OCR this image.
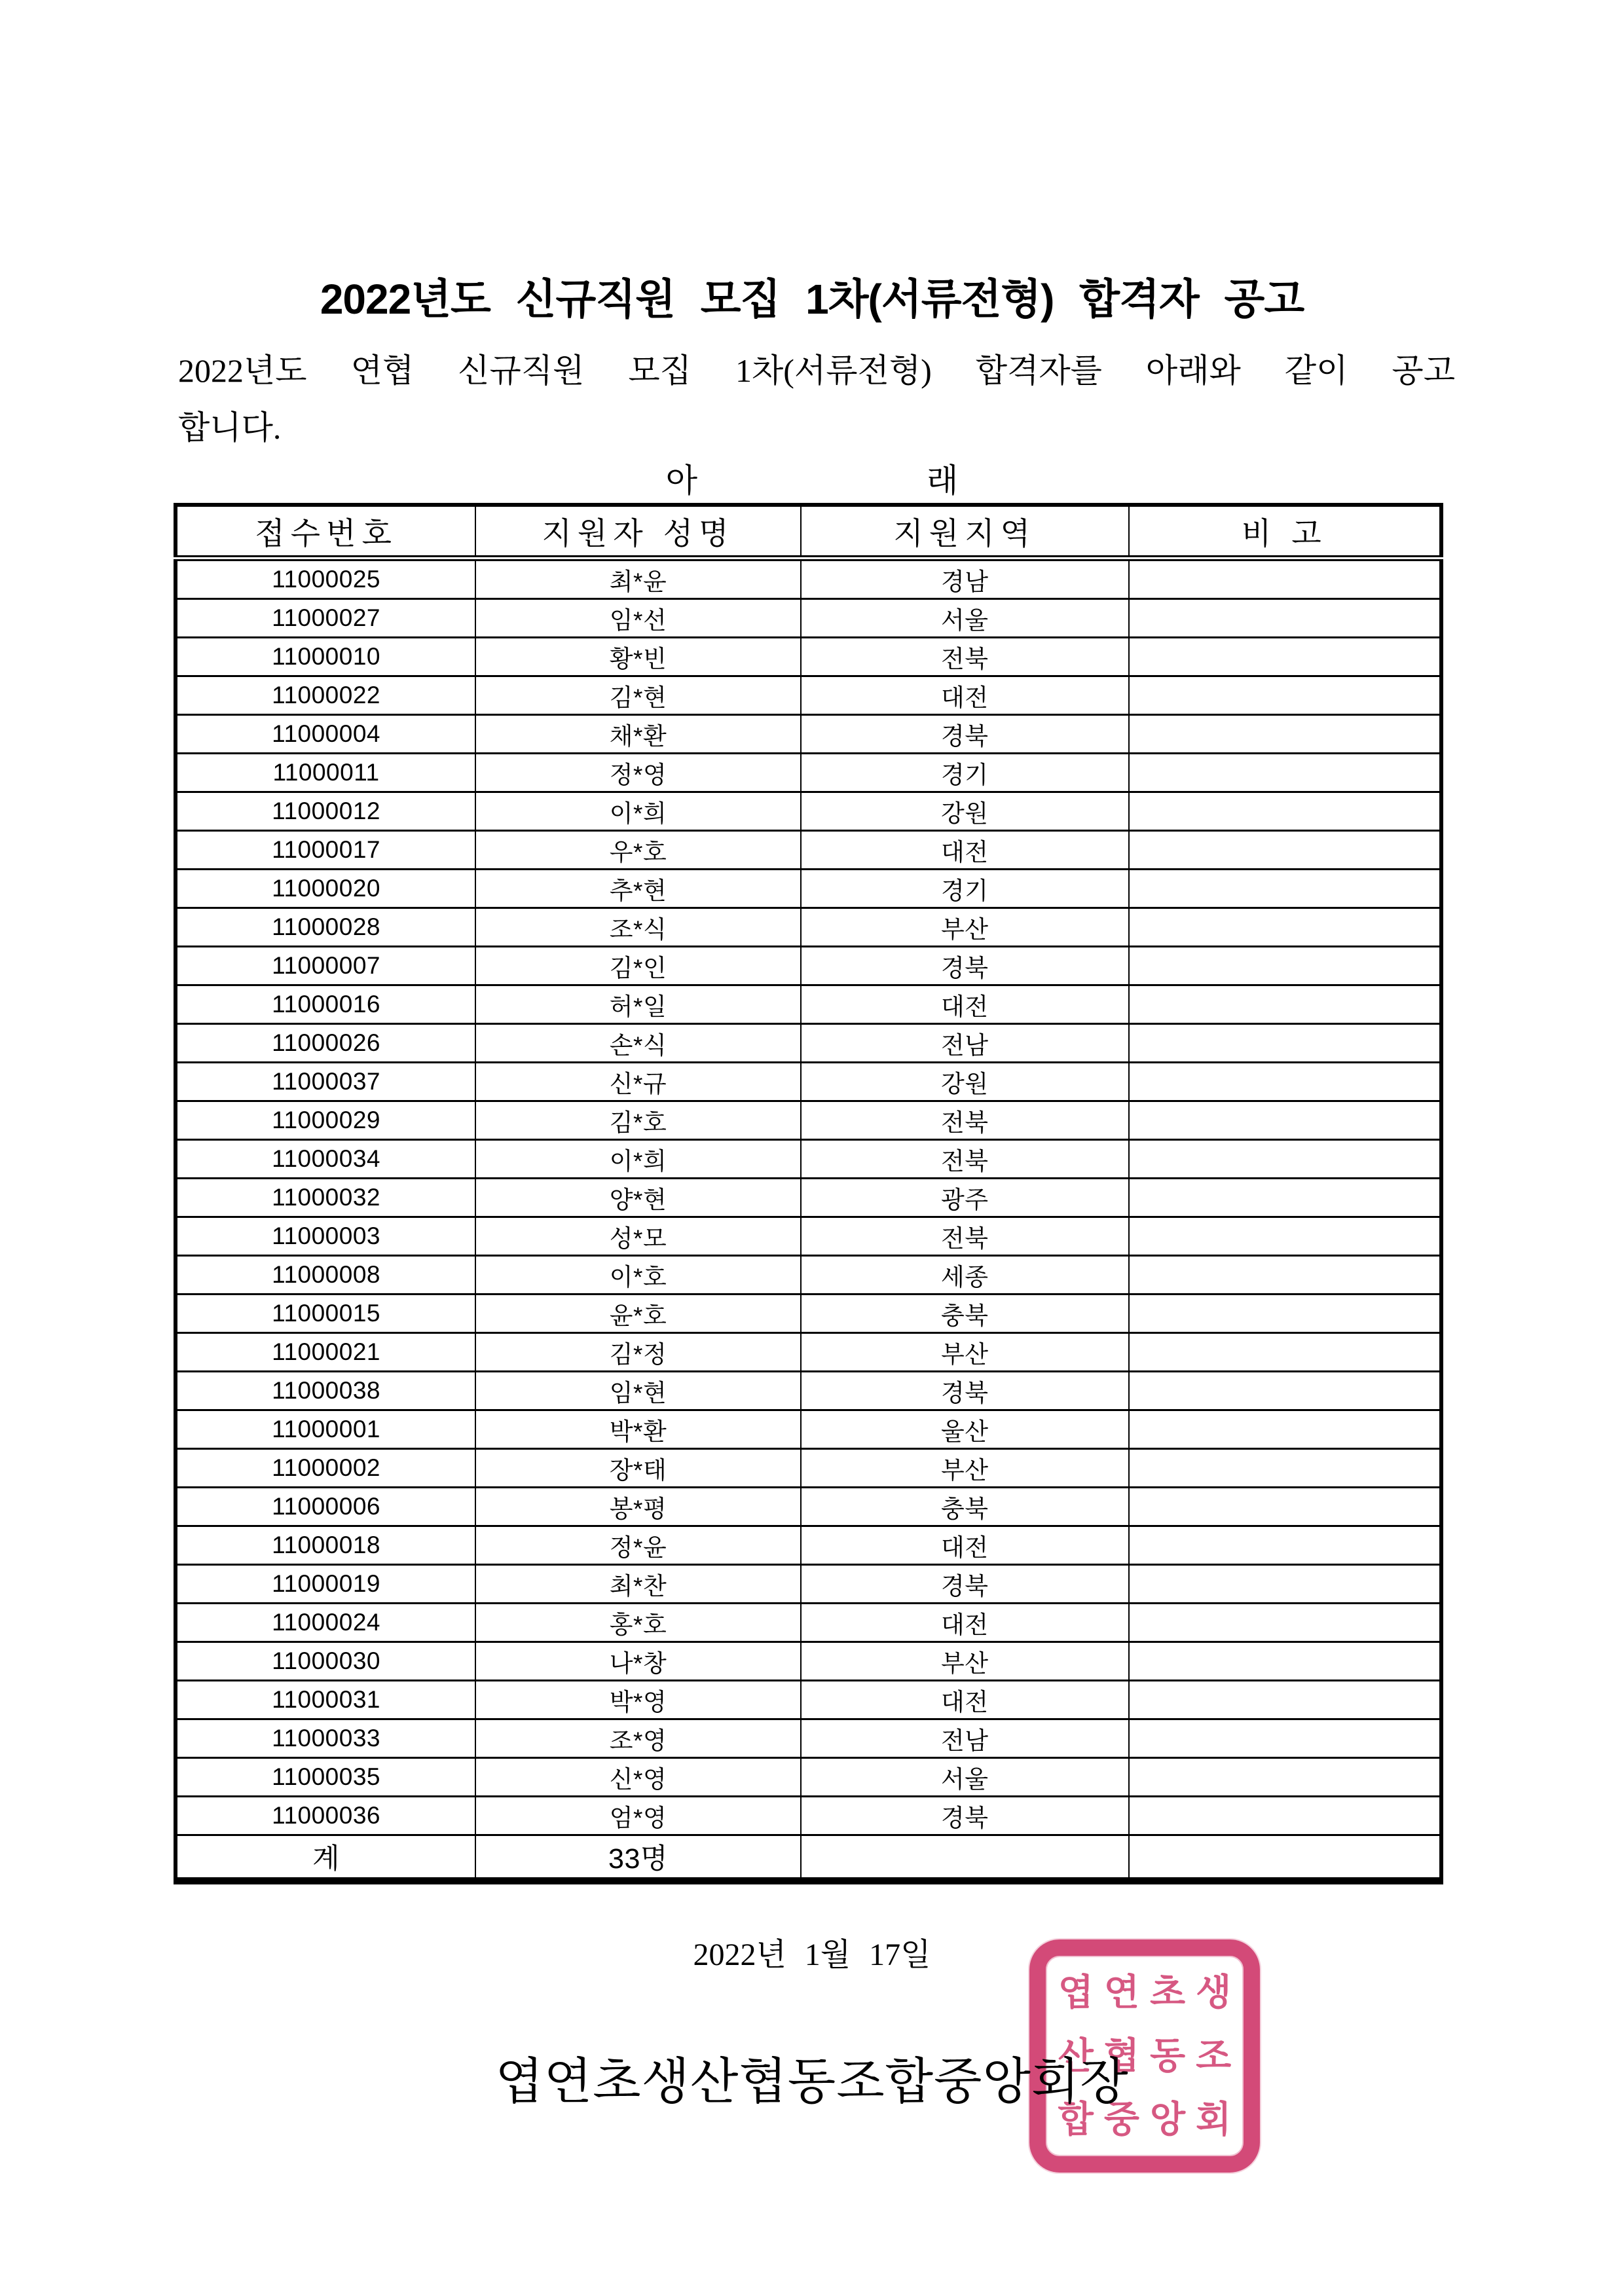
2022년도 신규직원 모집 1차(서류전형) 합격자 공고

2022년도 연협 신규직원 모집 1차(서류전형) 합격자를 아래와 같이 공고

합니다.

아	래
접수번호	지원자 성명	지원지역	비 고
11000025	최*윤	경남	
11000027	임*선	서울	
11000010	황*빈	전북	
11000022	김*현	대전	
11000004	채*환	경북	
11000011	정*영	경기	
11000012	이*희	강원	
11000017	우*호	대전	
11000020	추*현	경기	
11000028	조*식	부산	
11000007	김*인	경북	
11000016	허*일	대전	
11000026	손*식	전남	
11000037	신*규	강원	
11000029	김*호	전북	
11000034	이*희	전북	
11000032	양*현	광주	
11000003	성*모	전북	
11000008	이*호	세종	
11000015	윤*호	충북	
11000021	김*정	부산	
11000038	임*현	경북	
11000001	박*환	울산	
11000002	장*태	부산	
11000006	봉*평	충북	
11000018	정*윤	대전	
11000019	최*찬	경북	
11000024	홍*호	대전	
11000030	나*창	부산	
11000031	박*영	대전	
11000033	조*영	전남	
11000035	신*영	서울	
11000036	엄*영	경북	
계	33명		
2022년 1월 17일
엽연초생
산협동조
합중앙회
엽연초생산협동조합중앙회장
